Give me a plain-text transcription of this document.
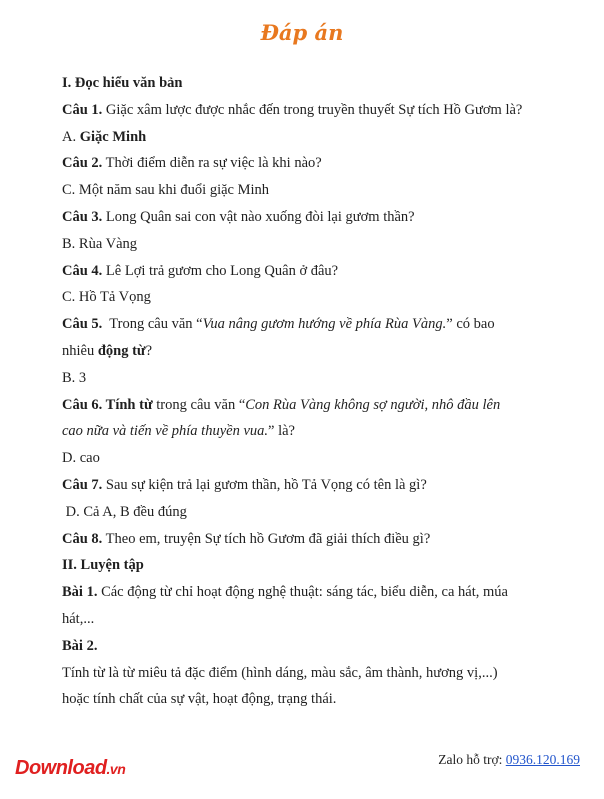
Đáp án
I. Đọc hiểu văn bản
Câu 1. Giặc xâm lược được nhắc đến trong truyền thuyết Sự tích Hồ Gươm là?
A. Giặc Minh
Câu 2. Thời điểm diễn ra sự việc là khi nào?
C. Một năm sau khi đuổi giặc Minh
Câu 3. Long Quân sai con vật nào xuống đòi lại gươm thần?
B. Rùa Vàng
Câu 4. Lê Lợi trả gươm cho Long Quân ở đâu?
C. Hồ Tả Vọng
Câu 5.  Trong câu văn “Vua nâng gươm hướng về phía Rùa Vàng.” có bao
nhiêu động từ?
B. 3
Câu 6. Tính từ trong câu văn “Con Rùa Vàng không sợ người, nhô đầu lên
cao nữa và tiến về phía thuyền vua.” là?
D. cao
Câu 7. Sau sự kiện trả lại gươm thần, hồ Tả Vọng có tên là gì?
D. Cả A, B đều đúng
Câu 8. Theo em, truyện Sự tích hồ Gươm đã giải thích điều gì?
II. Luyện tập
Bài 1. Các động từ chỉ hoạt động nghệ thuật: sáng tác, biểu diễn, ca hát, múa
hát,...
Bài 2.
Tính từ là từ miêu tả đặc điểm (hình dáng, màu sắc, âm thành, hương vị,...)
hoặc tính chất của sự vật, hoạt động, trạng thái.
Download.vn
Zalo hỗ trợ: 0936.120.169
